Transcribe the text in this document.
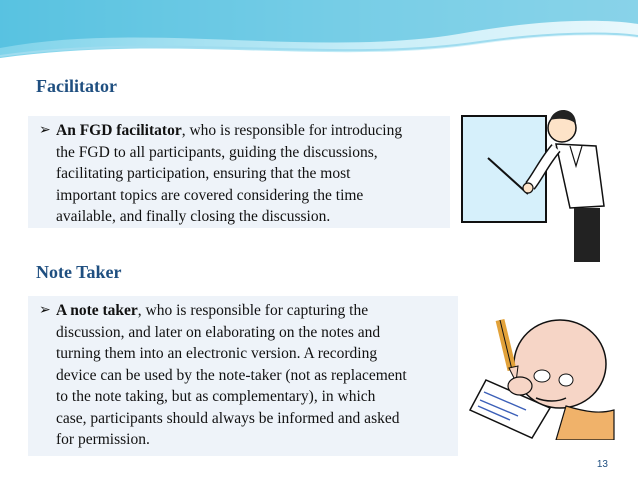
Facilitator
➢ An FGD facilitator, who is responsible for introducing
the FGD to all participants, guiding the discussions,
facilitating participation, ensuring that the most
important topics are covered considering the time
available, and finally closing the discussion.
Note Taker
➢ A note taker, who is responsible for capturing the
discussion, and later on elaborating on the notes and
turning them into an electronic version. A recording
device can be used by the note-taker (not as replacement
to the note taking, but as complementary), in which
case, participants should always be informed and asked
for permission.
13
